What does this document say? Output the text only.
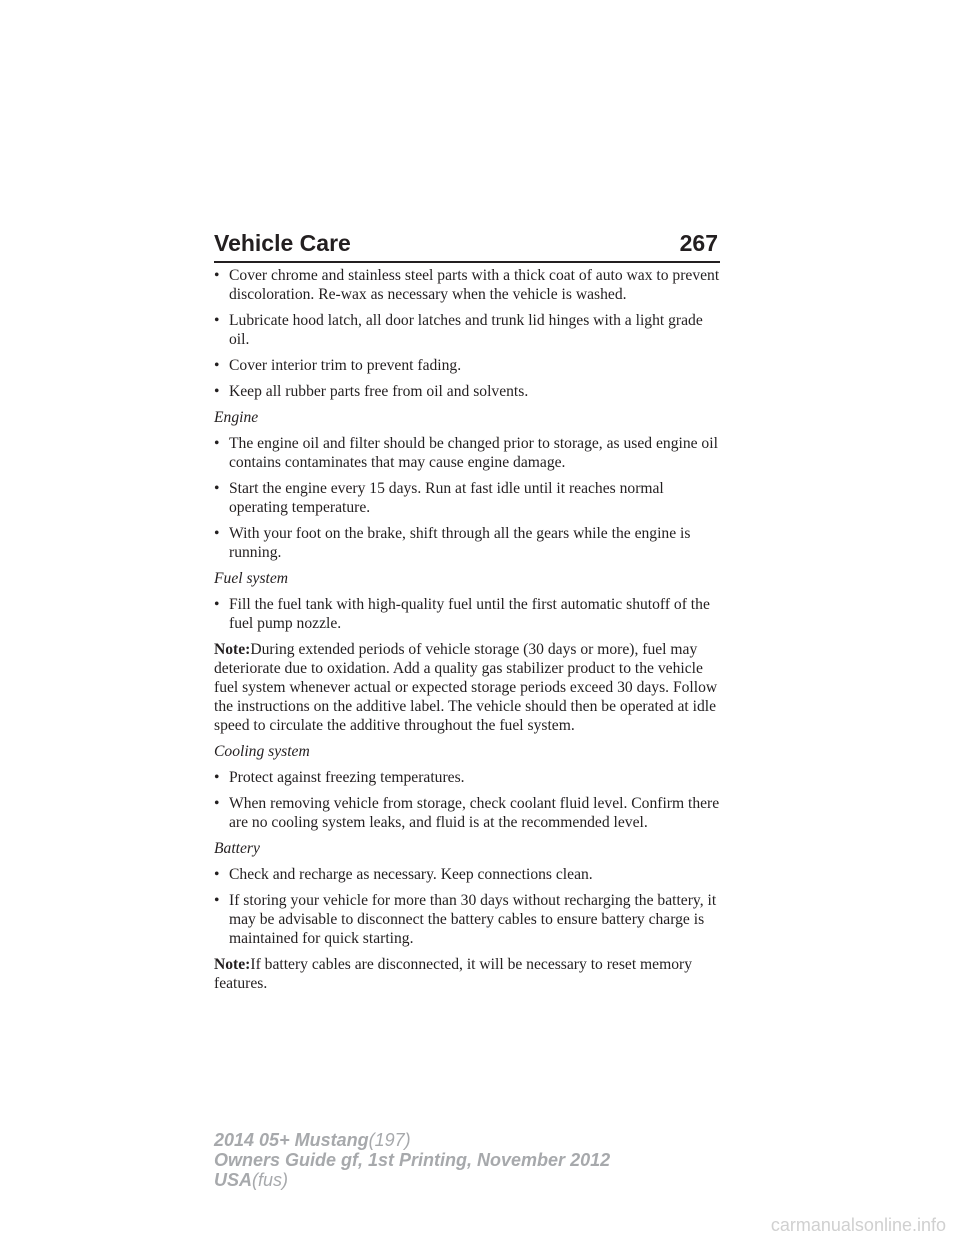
Vehicle Care	267
• Cover chrome and stainless steel parts with a thick coat of auto wax to prevent discoloration. Re-wax as necessary when the vehicle is washed.
• Lubricate hood latch, all door latches and trunk lid hinges with a light grade oil.
• Cover interior trim to prevent fading.
• Keep all rubber parts free from oil and solvents.
Engine
• The engine oil and filter should be changed prior to storage, as used engine oil contains contaminates that may cause engine damage.
• Start the engine every 15 days. Run at fast idle until it reaches normal operating temperature.
• With your foot on the brake, shift through all the gears while the engine is running.
Fuel system
• Fill the fuel tank with high-quality fuel until the first automatic shutoff of the fuel pump nozzle.
Note:During extended periods of vehicle storage (30 days or more), fuel may deteriorate due to oxidation. Add a quality gas stabilizer product to the vehicle fuel system whenever actual or expected storage periods exceed 30 days. Follow the instructions on the additive label. The vehicle should then be operated at idle speed to circulate the additive throughout the fuel system.
Cooling system
• Protect against freezing temperatures.
• When removing vehicle from storage, check coolant fluid level. Confirm there are no cooling system leaks, and fluid is at the recommended level.
Battery
• Check and recharge as necessary. Keep connections clean.
• If storing your vehicle for more than 30 days without recharging the battery, it may be advisable to disconnect the battery cables to ensure battery charge is maintained for quick starting.
Note:If battery cables are disconnected, it will be necessary to reset memory features.
2014 05+ Mustang(197)
Owners Guide gf, 1st Printing, November 2012
USA(fus)
carmanualsonline.info
